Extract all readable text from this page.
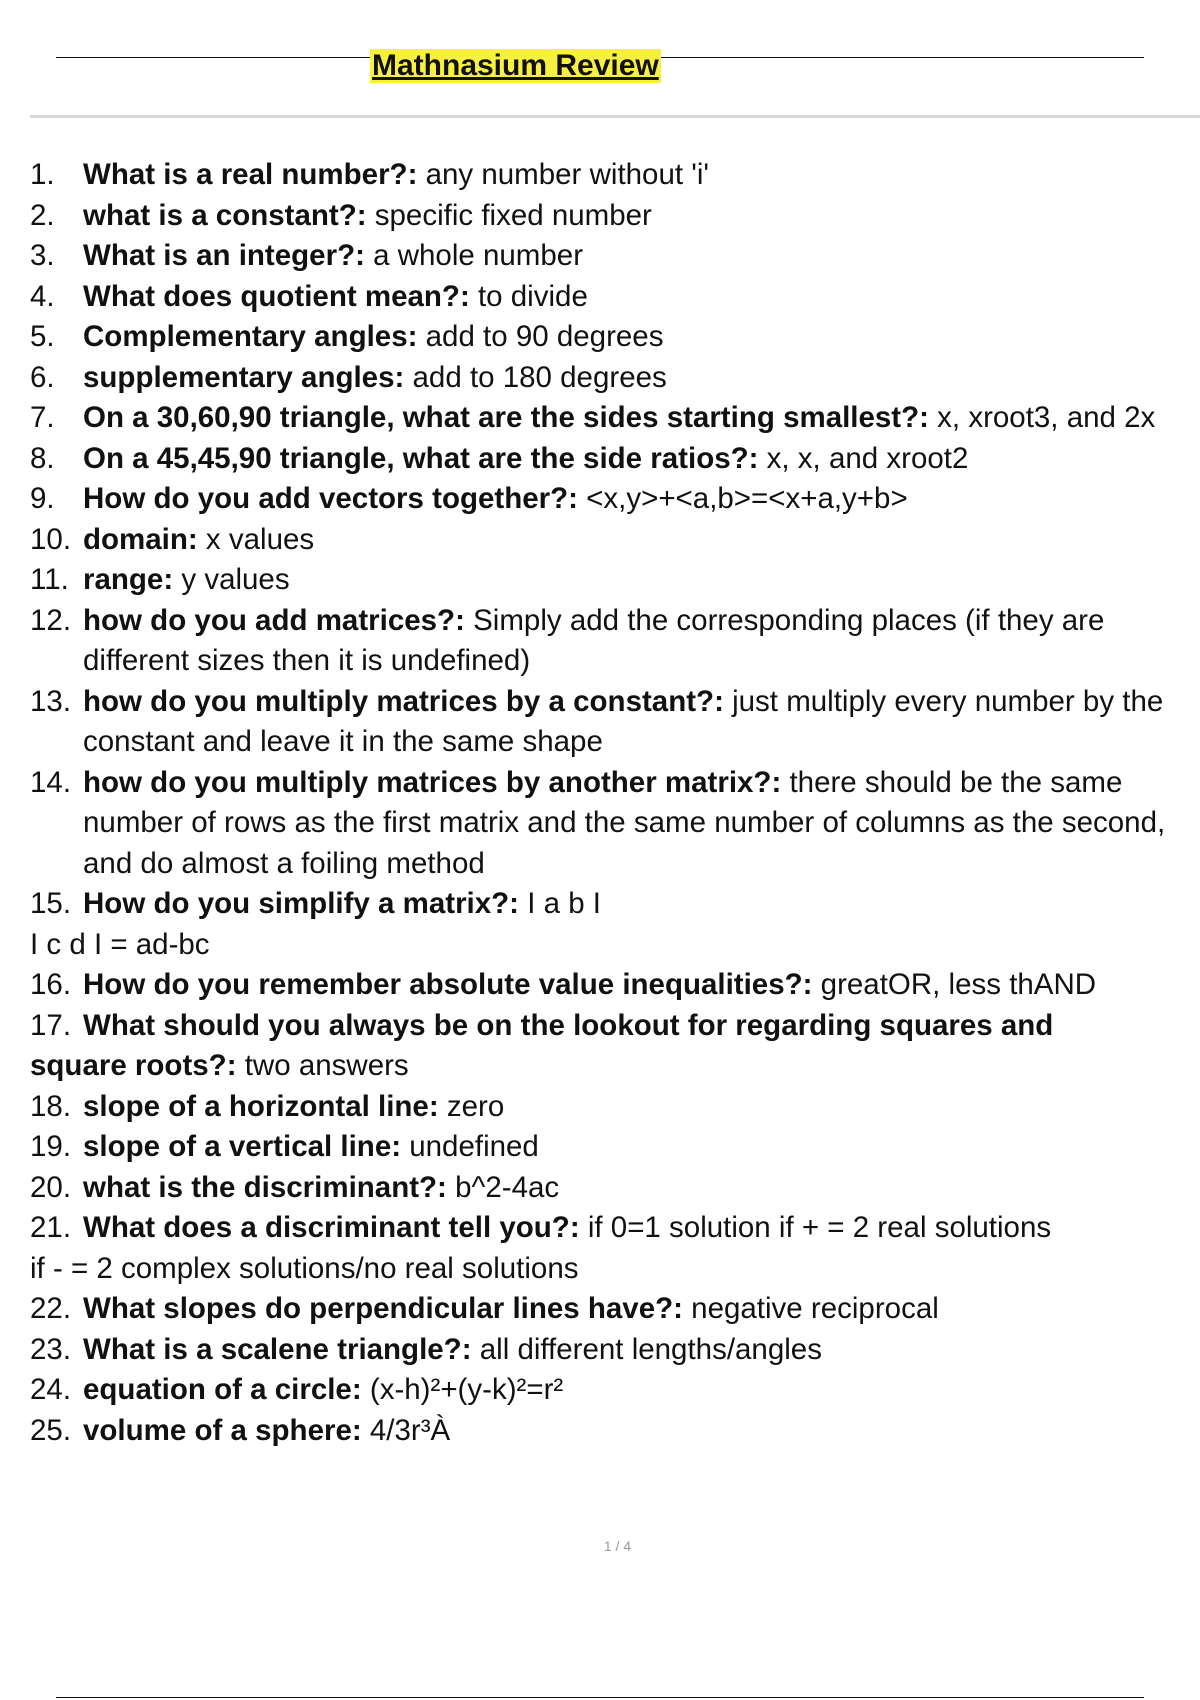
Mathnasium Review
1. What is a real number?: any number without 'i'
2. what is a constant?: specific fixed number
3. What is an integer?: a whole number
4. What does quotient mean?: to divide
5. Complementary angles: add to 90 degrees
6. supplementary angles: add to 180 degrees
7. On a 30,60,90 triangle, what are the sides starting smallest?: x, xroot3, and 2x
8. On a 45,45,90 triangle, what are the side ratios?: x, x, and xroot2
9. How do you add vectors together?: <x,y>+<a,b>=<x+a,y+b>
10. domain: x values
11. range: y values
12. how do you add matrices?: Simply add the corresponding places (if they are different sizes then it is undefined)
13. how do you multiply matrices by a constant?: just multiply every number by the constant and leave it in the same shape
14. how do you multiply matrices by another matrix?: there should be the same number of rows as the first matrix and the same number of columns as the second, and do almost a foiling method
15. How do you simplify a matrix?: I a b I
I c d I = ad-bc
16. How do you remember absolute value inequalities?: greatOR, less thAND
17. What should you always be on the lookout for regarding squares and
square roots?: two answers
18. slope of a horizontal line: zero
19. slope of a vertical line: undefined
20. what is the discriminant?: b^2-4ac
21. What does a discriminant tell you?: if 0=1 solution if + = 2 real solutions
if - = 2 complex solutions/no real solutions
22. What slopes do perpendicular lines have?: negative reciprocal
23. What is a scalene triangle?: all different lengths/angles
24. equation of a circle: (x-h)²+(y-k)²=r²
25. volume of a sphere: 4/3r³À
1 / 4
